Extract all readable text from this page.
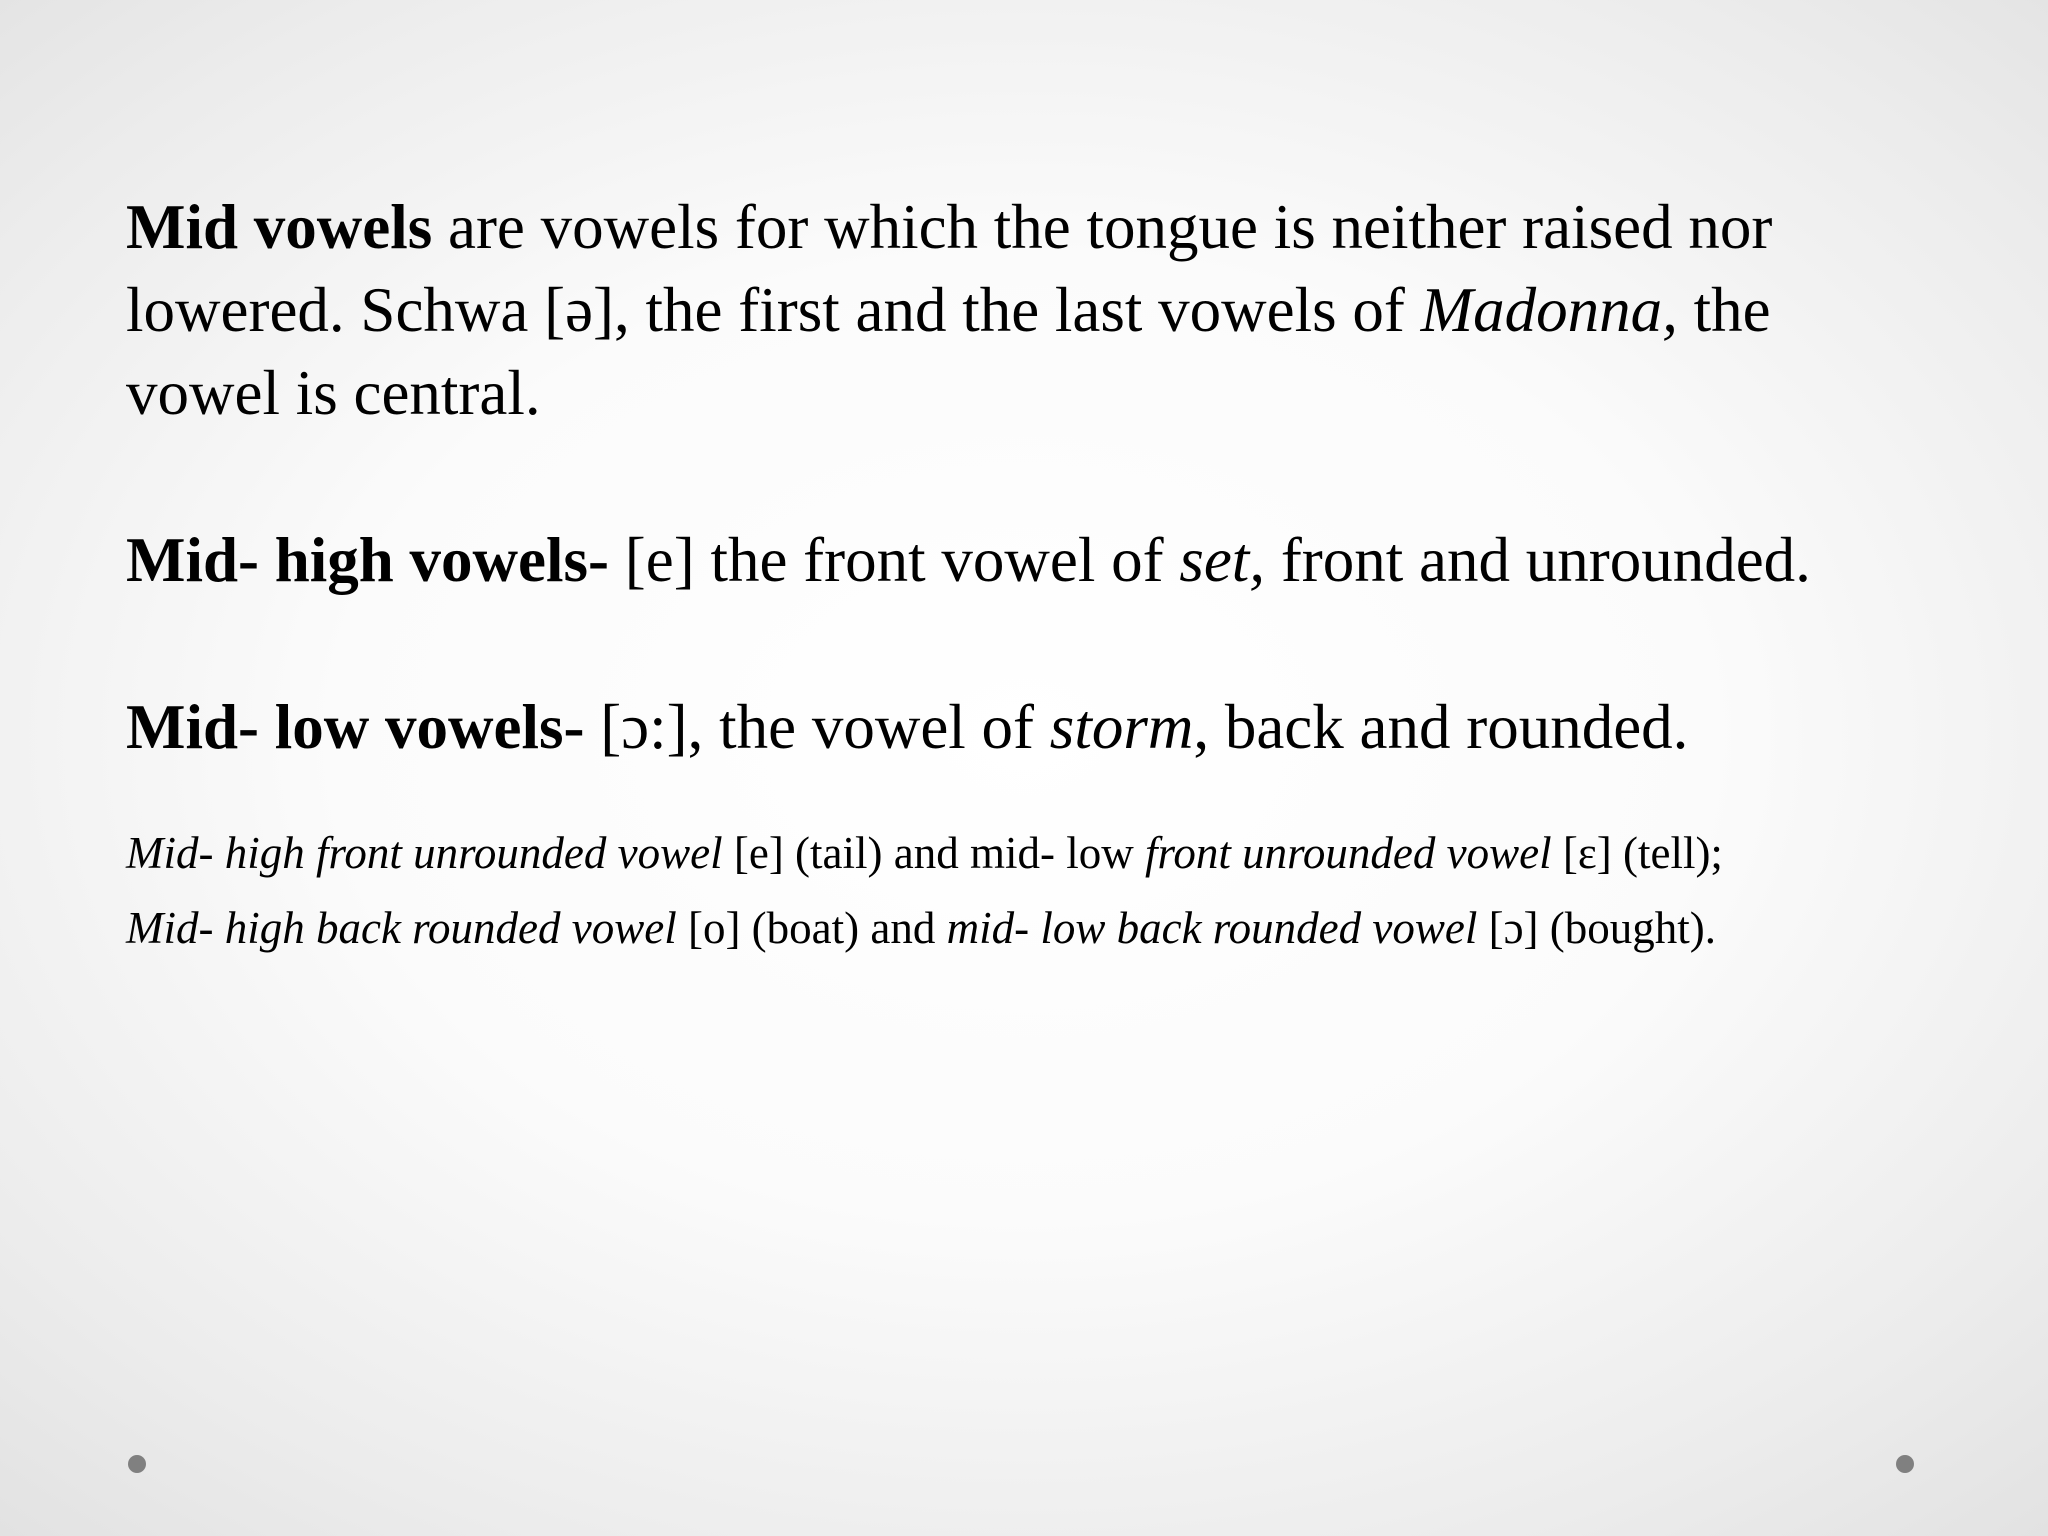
Mid vowels are vowels for which the tongue is neither raised nor lowered. Schwa [ə], the first and the last vowels of Madonna, the vowel is central.

Mid- high vowels- [e] the front vowel of set, front and unrounded.

Mid- low vowels- [ɔ:], the vowel of storm, back and rounded.

Mid- high front unrounded vowel [e] (tail) and mid- low front unrounded vowel [ɛ] (tell);

Mid- high back rounded vowel [o] (boat) and mid- low back rounded vowel [ɔ] (bought).
